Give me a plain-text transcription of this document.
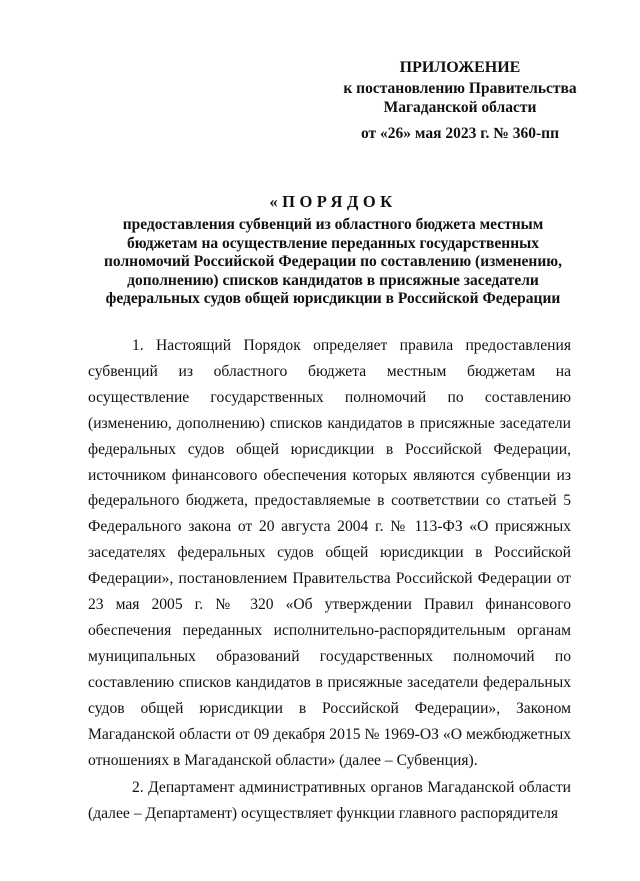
ПРИЛОЖЕНИЕ
к постановлению Правительства
Магаданской области
от «26» мая 2023 г. № 360-пп
«ПОРЯДОК
предоставления субвенций из областного бюджета местным бюджетам на осуществление переданных государственных полномочий Российской Федерации по составлению (изменению, дополнению) списков кандидатов в присяжные заседатели федеральных судов общей юрисдикции в Российской Федерации

1. Настоящий Порядок определяет правила предоставления субвенций из областного бюджета местным бюджетам на осуществление государственных полномочий по составлению (изменению, дополнению) списков кандидатов в присяжные заседатели федеральных судов общей юрисдикции в Российской Федерации, источником финансового обеспечения которых являются субвенции из федерального бюджета, предоставляемые в соответствии со статьей 5 Федерального закона от 20 августа 2004 г. № 113-ФЗ «О присяжных заседателях федеральных судов общей юрисдикции в Российской Федерации», постановлением Правительства Российской Федерации от 23 мая 2005 г. № 320 «Об утверждении Правил финансового обеспечения переданных исполнительно-распорядительным органам муниципальных образований государственных полномочий по составлению списков кандидатов в присяжные заседатели федеральных судов общей юрисдикции в Российской Федерации», Законом Магаданской области от 09 декабря 2015 № 1969-ОЗ «О межбюджетных отношениях в Магаданской области» (далее – Субвенция).

2. Департамент административных органов Магаданской области (далее – Департамент) осуществляет функции главного распорядителя
